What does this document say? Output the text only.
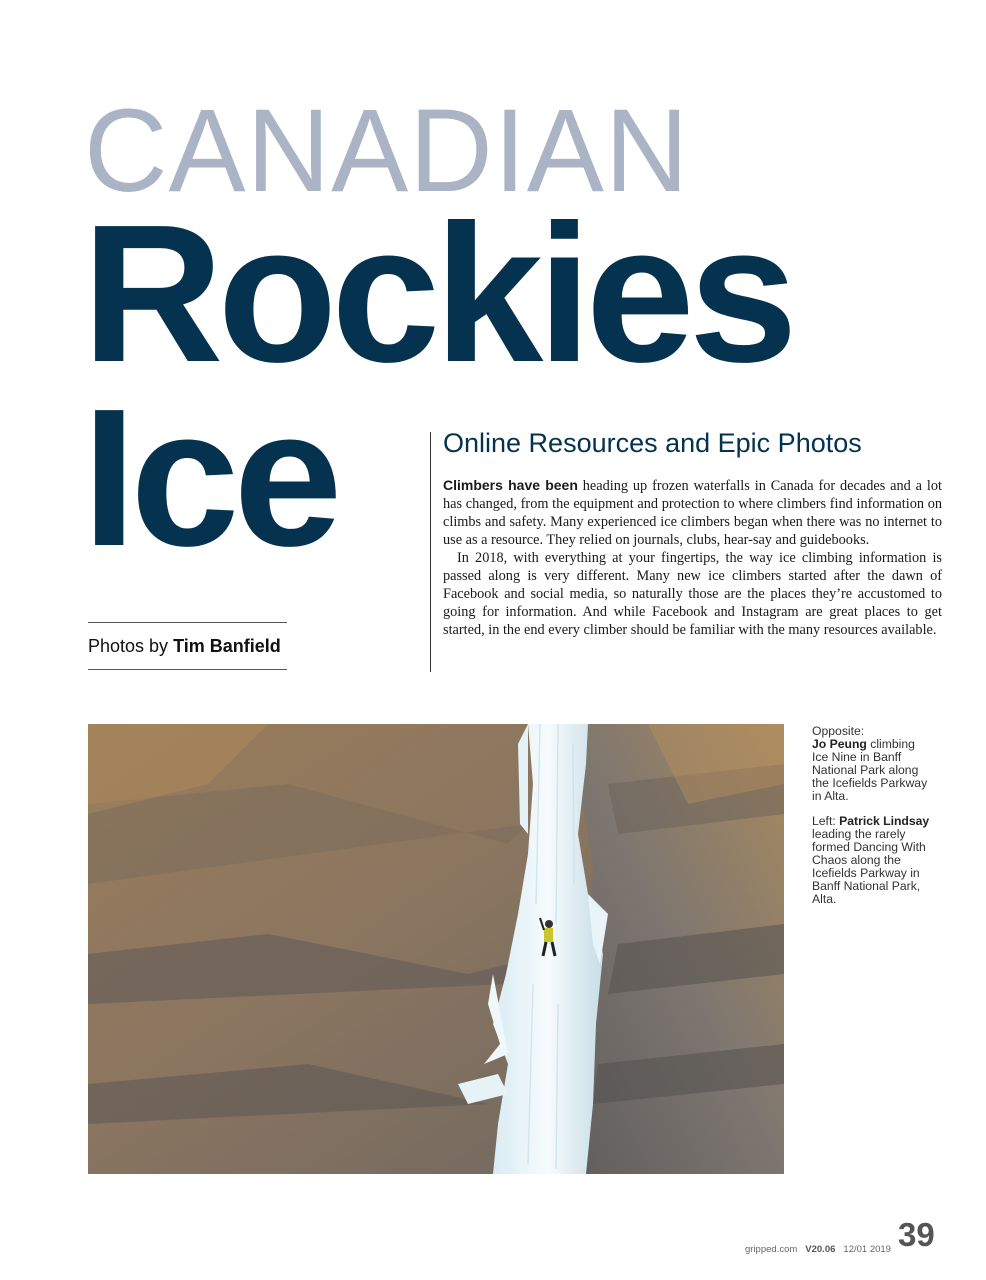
CANADIAN
Rockies
Ice
Photos by Tim Banfield
Online Resources and Epic Photos

Climbers have been heading up frozen waterfalls in Canada for decades and a lot has changed, from the equipment and protection to where climbers find information on climbs and safety. Many experienced ice climbers began when there was no internet to use as a resource. They relied on journals, clubs, hear-say and guidebooks.

In 2018, with everything at your fingertips, the way ice climbing information is passed along is very different. Many new ice climbers started after the dawn of Facebook and social media, so naturally those are the places they’re accustomed to going for information. And while Facebook and Instagram are great places to get started, in the end every climber should be familiar with the many resources available.

Opposite:
Jo Peung climbing Ice Nine in Banff National Park along the Icefields Parkway in Alta.
Left: Patrick Lindsay leading the rarely formed Dancing With Chaos along the Icefields Parkway in Banff National Park, Alta.
gripped.com V20.06 12/01 2019 39
